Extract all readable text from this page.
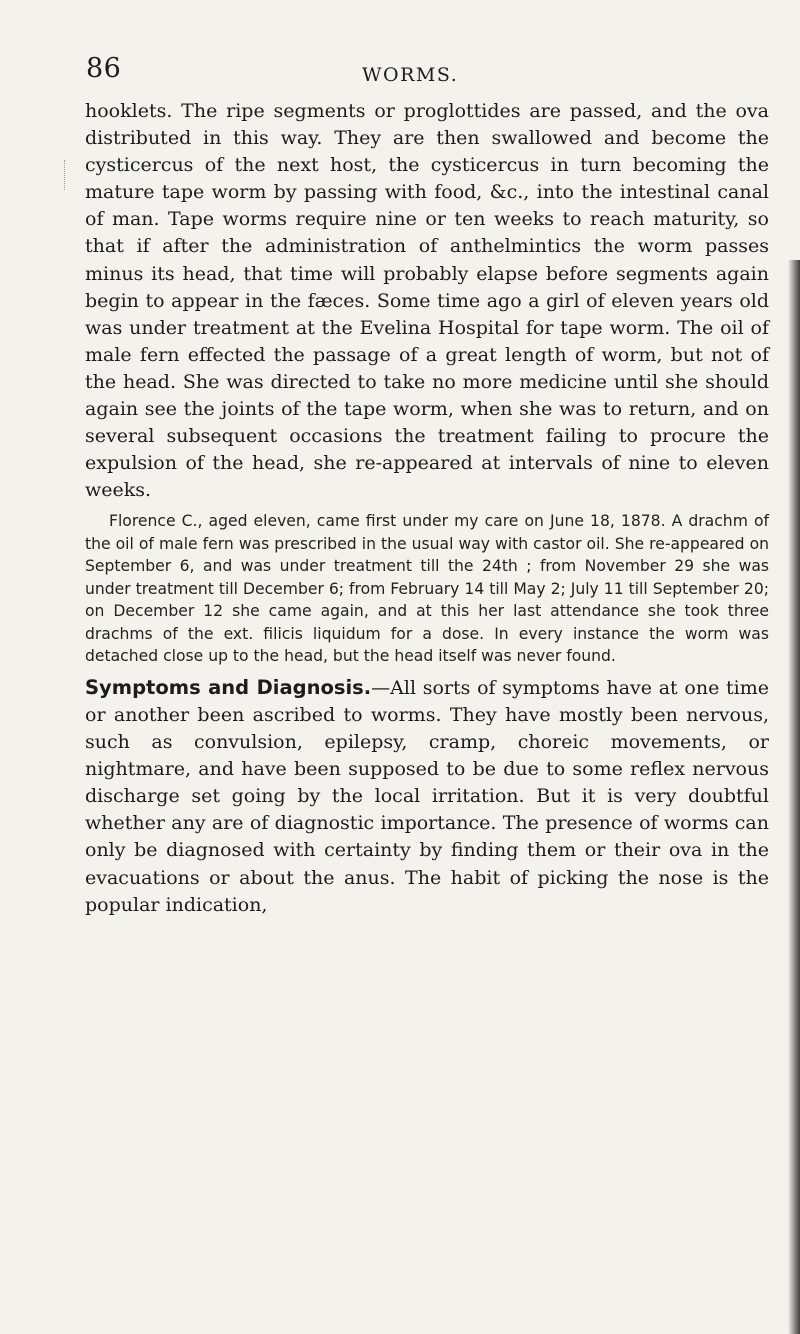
86	WORMS.

hooklets. The ripe segments or proglottides are passed, and the ova distributed in this way. They are then swallowed and become the cysticercus of the next host, the cysticercus in turn becoming the mature tape worm by passing with food, &c., into the intestinal canal of man. Tape worms require nine or ten weeks to reach maturity, so that if after the administration of anthelmintics the worm passes minus its head, that time will probably elapse before segments again begin to appear in the fæces. Some time ago a girl of eleven years old was under treatment at the Evelina Hospital for tape worm. The oil of male fern effected the passage of a great length of worm, but not of the head. She was directed to take no more medicine until she should again see the joints of the tape worm, when she was to return, and on several subsequent occasions the treatment failing to procure the expulsion of the head, she re-appeared at intervals of nine to eleven weeks.

Florence C., aged eleven, came first under my care on June 18, 1878. A drachm of the oil of male fern was prescribed in the usual way with castor oil. She re-appeared on September 6, and was under treatment till the 24th ; from November 29 she was under treatment till December 6; from February 14 till May 2; July 11 till September 20; on December 12 she came again, and at this her last attendance she took three drachms of the ext. filicis liquidum for a dose. In every instance the worm was detached close up to the head, but the head itself was never found.

Symptoms and Diagnosis.—All sorts of symptoms have at one time or another been ascribed to worms. They have mostly been nervous, such as convulsion, epilepsy, cramp, choreic movements, or nightmare, and have been supposed to be due to some reflex nervous discharge set going by the local irritation. But it is very doubtful whether any are of diagnostic importance. The presence of worms can only be diagnosed with certainty by finding them or their ova in the evacuations or about the anus. The habit of picking the nose is the popular indication,
